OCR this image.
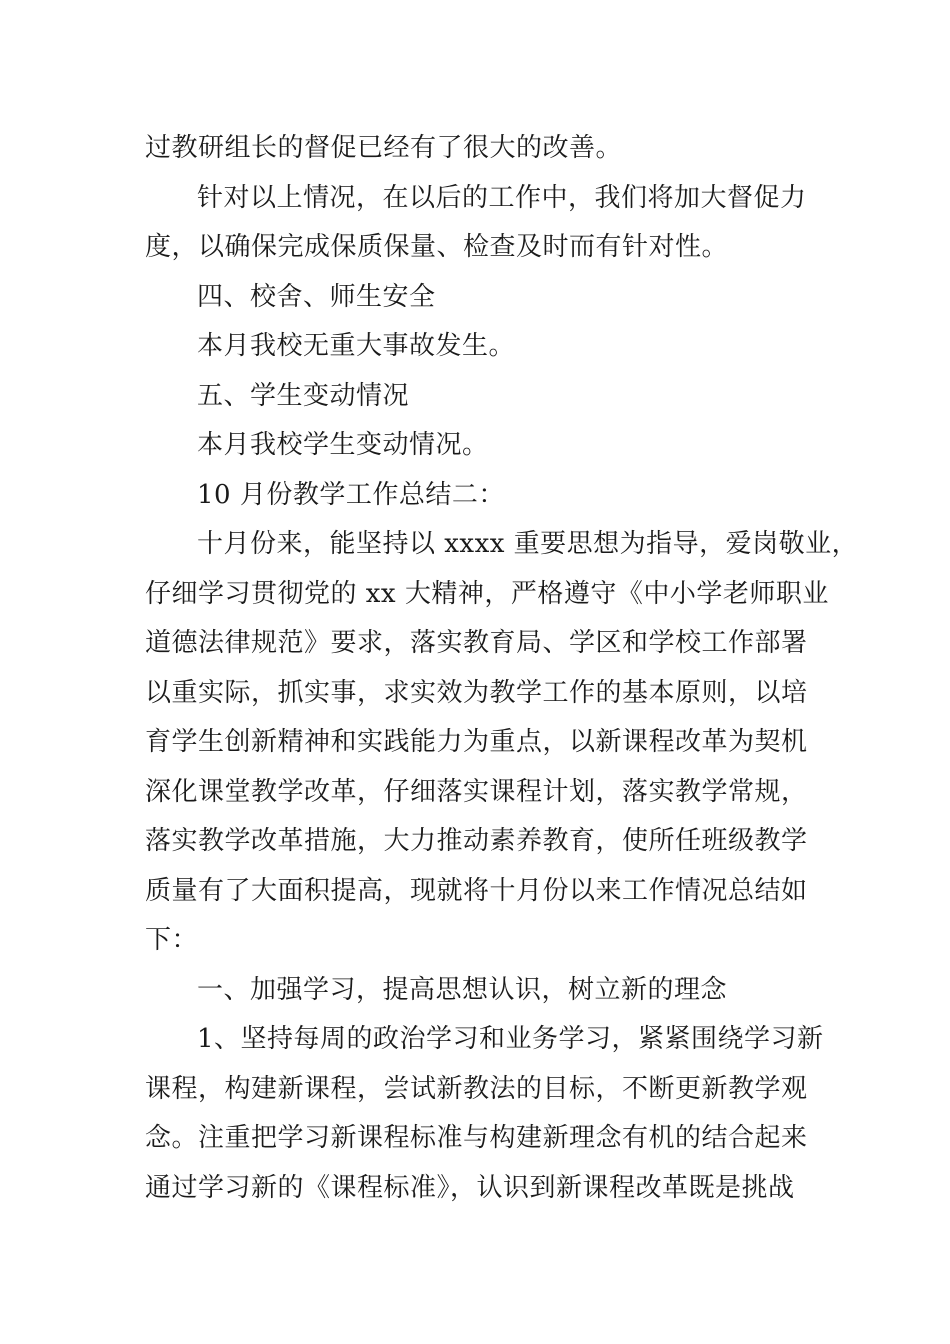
过教研组长的督促已经有了很大的改善。
针对以上情况，在以后的工作中，我们将加大督促力
度，以确保完成保质保量、检查及时而有针对性。
四、校舍、师生安全
本月我校无重大事故发生。
五、学生变动情况
本月我校学生变动情况。
10 月份教学工作总结二：
十月份来，能坚持以 xxxx 重要思想为指导，爱岗敬业，
仔细学习贯彻党的 xx 大精神，严格遵守《中小学老师职业
道德法律规范》要求，落实教育局、学区和学校工作部署
以重实际，抓实事，求实效为教学工作的基本原则，以培
育学生创新精神和实践能力为重点，以新课程改革为契机
深化课堂教学改革，仔细落实课程计划，落实教学常规，
落实教学改革措施，大力推动素养教育，使所任班级教学
质量有了大面积提高，现就将十月份以来工作情况总结如
下：
一、加强学习，提高思想认识，树立新的理念
1、坚持每周的政治学习和业务学习，紧紧围绕学习新
课程，构建新课程，尝试新教法的目标，不断更新教学观
念。注重把学习新课程标准与构建新理念有机的结合起来
通过学习新的《课程标准》，认识到新课程改革既是挑战
